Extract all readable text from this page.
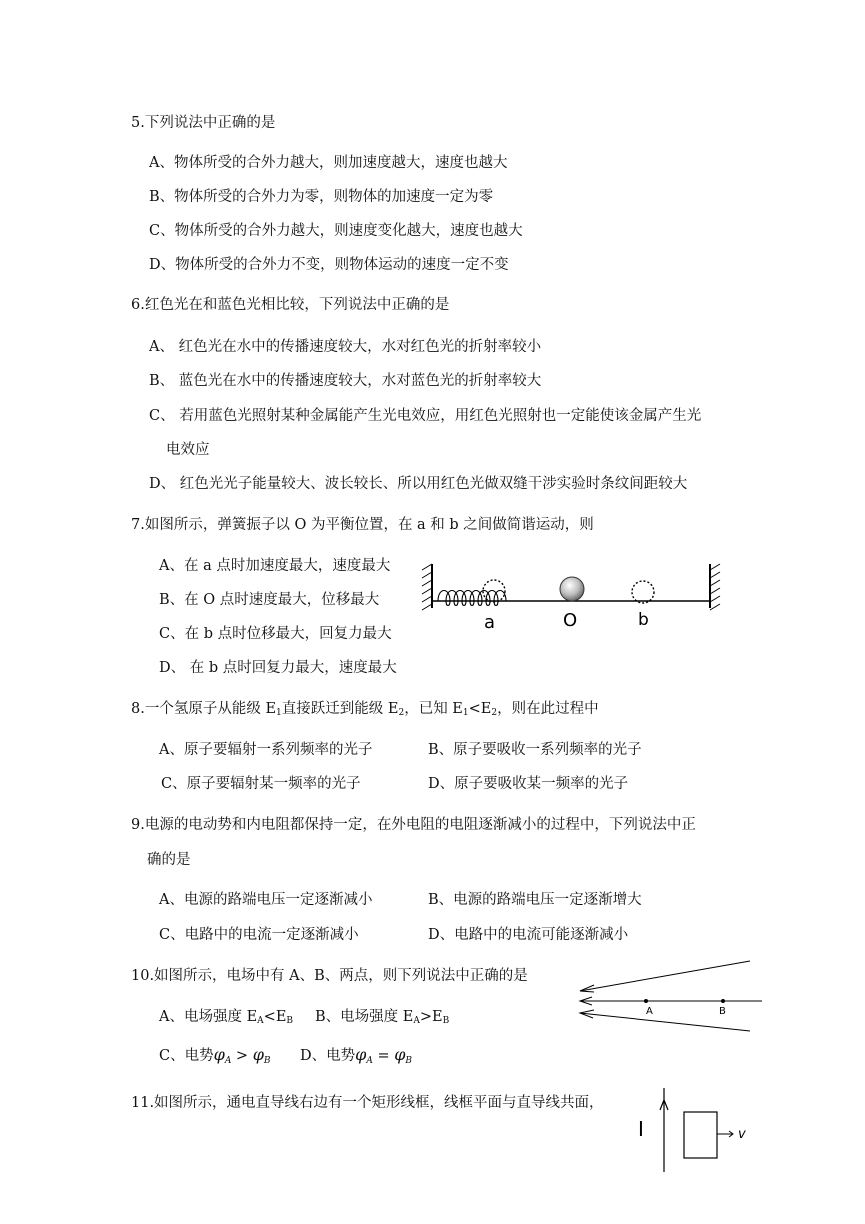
5.下列说法中正确的是
A、物体所受的合外力越大，则加速度越大，速度也越大
B、物体所受的合外力为零，则物体的加速度一定为零
C、物体所受的合外力越大，则速度变化越大，速度也越大
D、物体所受的合外力不变，则物体运动的速度一定不变
6.红色光在和蓝色光相比较，下列说法中正确的是
A、 红色光在水中的传播速度较大，水对红色光的折射率较小
B、 蓝色光在水中的传播速度较大，水对蓝色光的折射率较大
C、 若用蓝色光照射某种金属能产生光电效应，用红色光照射也一定能使该金属产生光
电效应
D、 红色光光子能量较大、波长较长、所以用红色光做双缝干涉实验时条纹间距较大
7.如图所示，弹簧振子以 O 为平衡位置，在 a 和 b 之间做简谐运动，则
A、在 a 点时加速度最大，速度最大
B、在 O 点时速度最大，位移最大
C、在 b 点时位移最大，回复力最大
D、 在 b 点时回复力最大，速度最大
a	O	b
8.一个氢原子从能级 $E_1$直接跃迁到能级 $E_2$，已知 $E_1<E_2$，则在此过程中
A、原子要辐射一系列频率的光子	B、原子要吸收一系列频率的光子
C、原子要辐射某一频率的光子	D、原子要吸收某一频率的光子
9.电源的电动势和内电阻都保持一定，在外电阻的电阻逐渐减小的过程中，下列说法中正
确的是
A、电源的路端电压一定逐渐减小	B、电源的路端电压一定逐渐增大
C、电路中的电流一定逐渐减小	D、电路中的电流可能逐渐减小
10.如图所示，电场中有 A、B、两点，则下列说法中正确的是
A、电场强度 $E_A<E_B$ B、电场强度 $E_A>E_B$
C、电势$\varphi_A > \varphi_B$ D、电势$\varphi_A = \varphi_B$
A	B
11.如图所示，通电直导线右边有一个矩形线框，线框平面与直导线共面，
I	v
